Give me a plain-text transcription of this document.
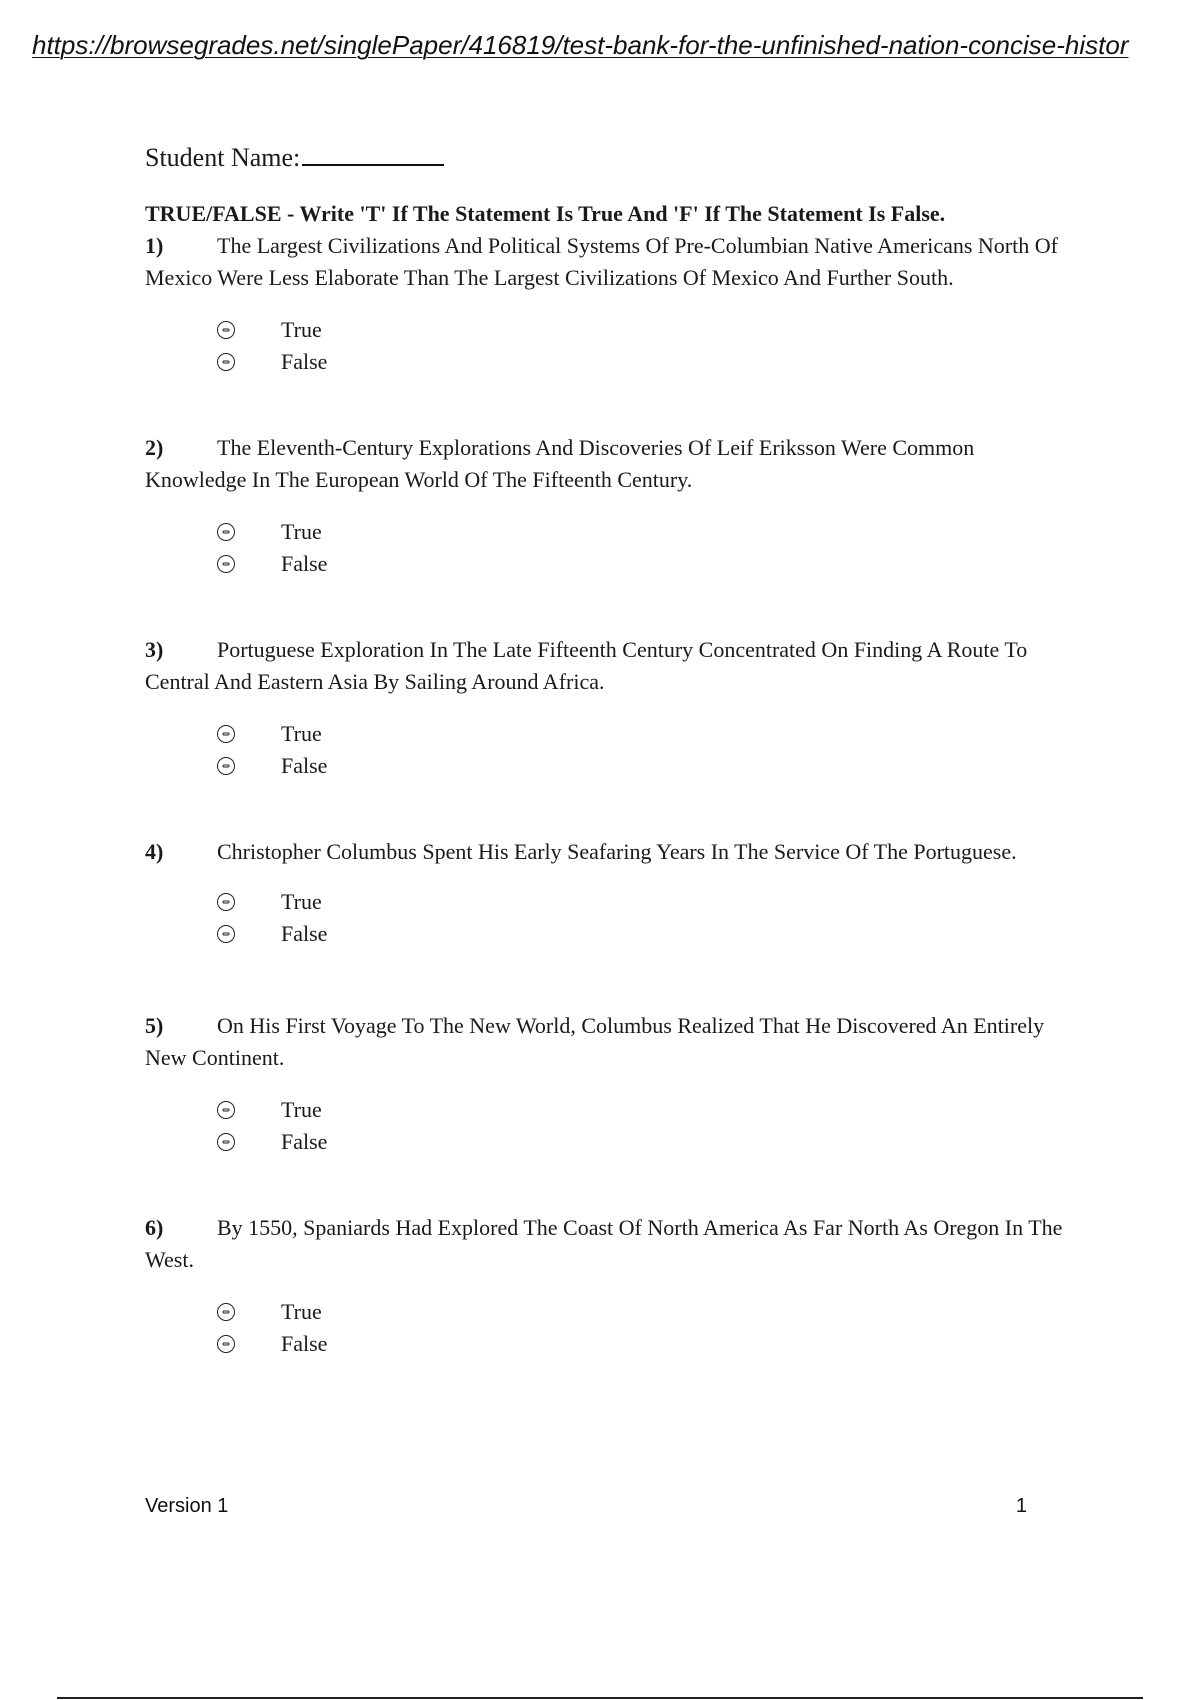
https://browsegrades.net/singlePaper/416819/test-bank-for-the-unfinished-nation-concise-histor
Student Name:
TRUE/FALSE - Write 'T' If The Statement Is True And 'F' If The Statement Is False.
1) The Largest Civilizations And Political Systems Of Pre-Columbian Native Americans North Of Mexico Were Less Elaborate Than The Largest Civilizations Of Mexico And Further South.
True
False
2) The Eleventh-Century Explorations And Discoveries Of Leif Eriksson Were Common Knowledge In The European World Of The Fifteenth Century.
True
False
3) Portuguese Exploration In The Late Fifteenth Century Concentrated On Finding A Route To Central And Eastern Asia By Sailing Around Africa.
True
False
4)	Christopher Columbus Spent His Early Seafaring Years In The Service Of The Portuguese.
True
False
5) On His First Voyage To The New World, Columbus Realized That He Discovered An Entirely New Continent.
True
False
6) By 1550, Spaniards Had Explored The Coast Of North America As Far North As Oregon In The West.
True
False
Version 1	1
